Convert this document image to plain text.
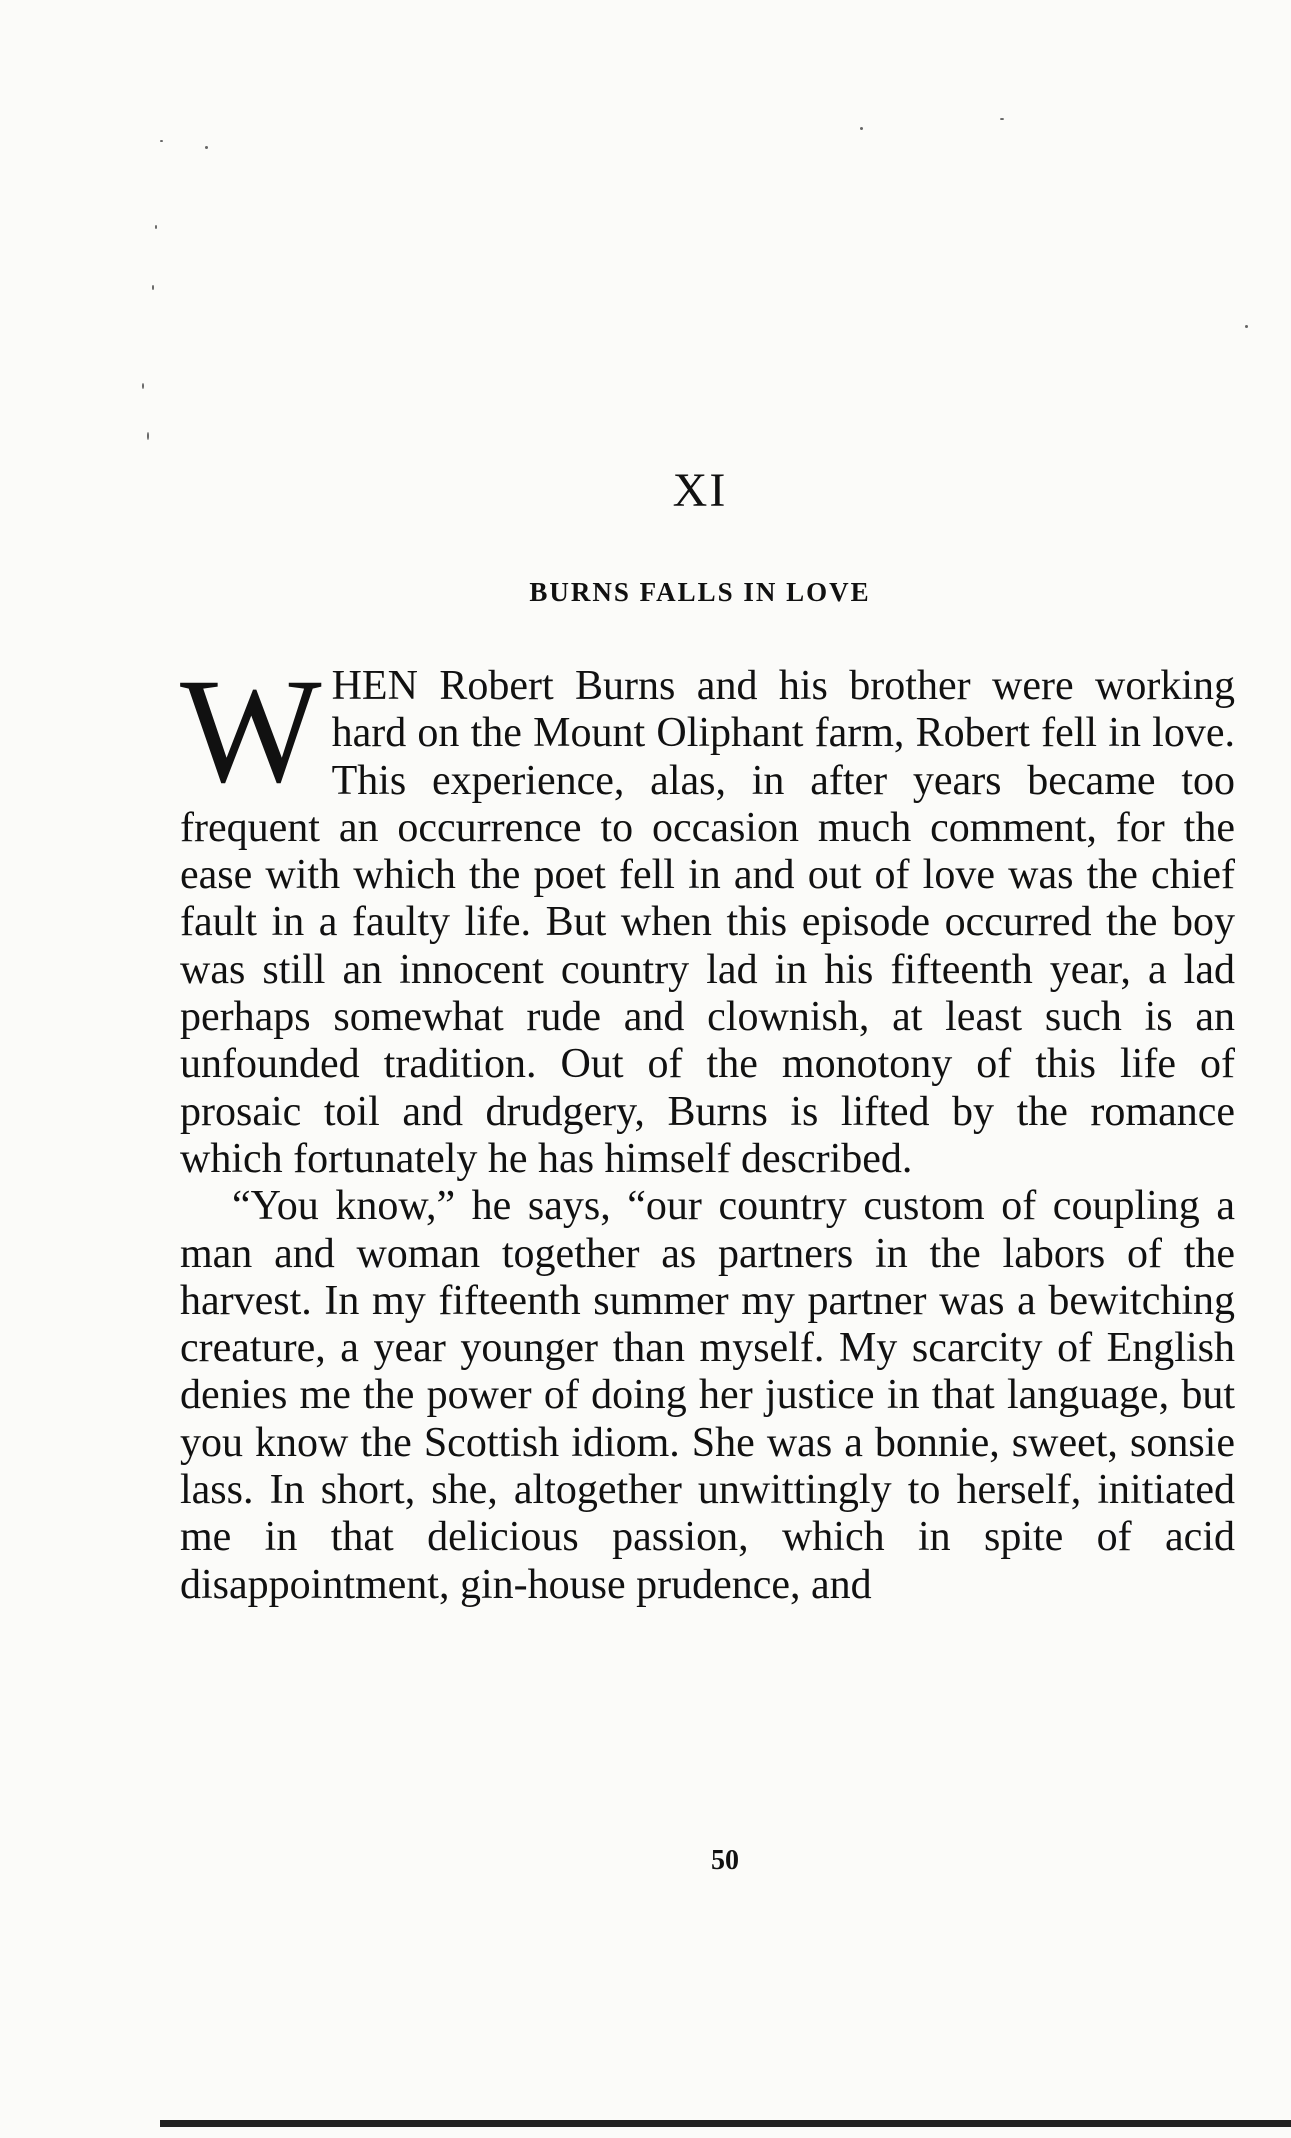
XI
BURNS FALLS IN LOVE

WHEN Robert Burns and his brother were working hard on the Mount Oliphant farm, Robert fell in love. This experience, alas, in after years became too frequent an occurrence to occasion much comment, for the ease with which the poet fell in and out of love was the chief fault in a faulty life. But when this episode occurred the boy was still an innocent country lad in his fifteenth year, a lad perhaps somewhat rude and clownish, at least such is an unfounded tradition. Out of the monotony of this life of prosaic toil and drudgery, Burns is lifted by the romance which fortunately he has himself described.

“You know,” he says, “our country custom of coupling a man and woman together as partners in the labors of the harvest. In my fifteenth summer my partner was a bewitching creature, a year younger than myself. My scarcity of English denies me the power of doing her justice in that language, but you know the Scottish idiom. She was a bonnie, sweet, sonsie lass. In short, she, altogether unwittingly to herself, initiated me in that delicious passion, which in spite of acid disappointment, gin-house prudence, and

50
